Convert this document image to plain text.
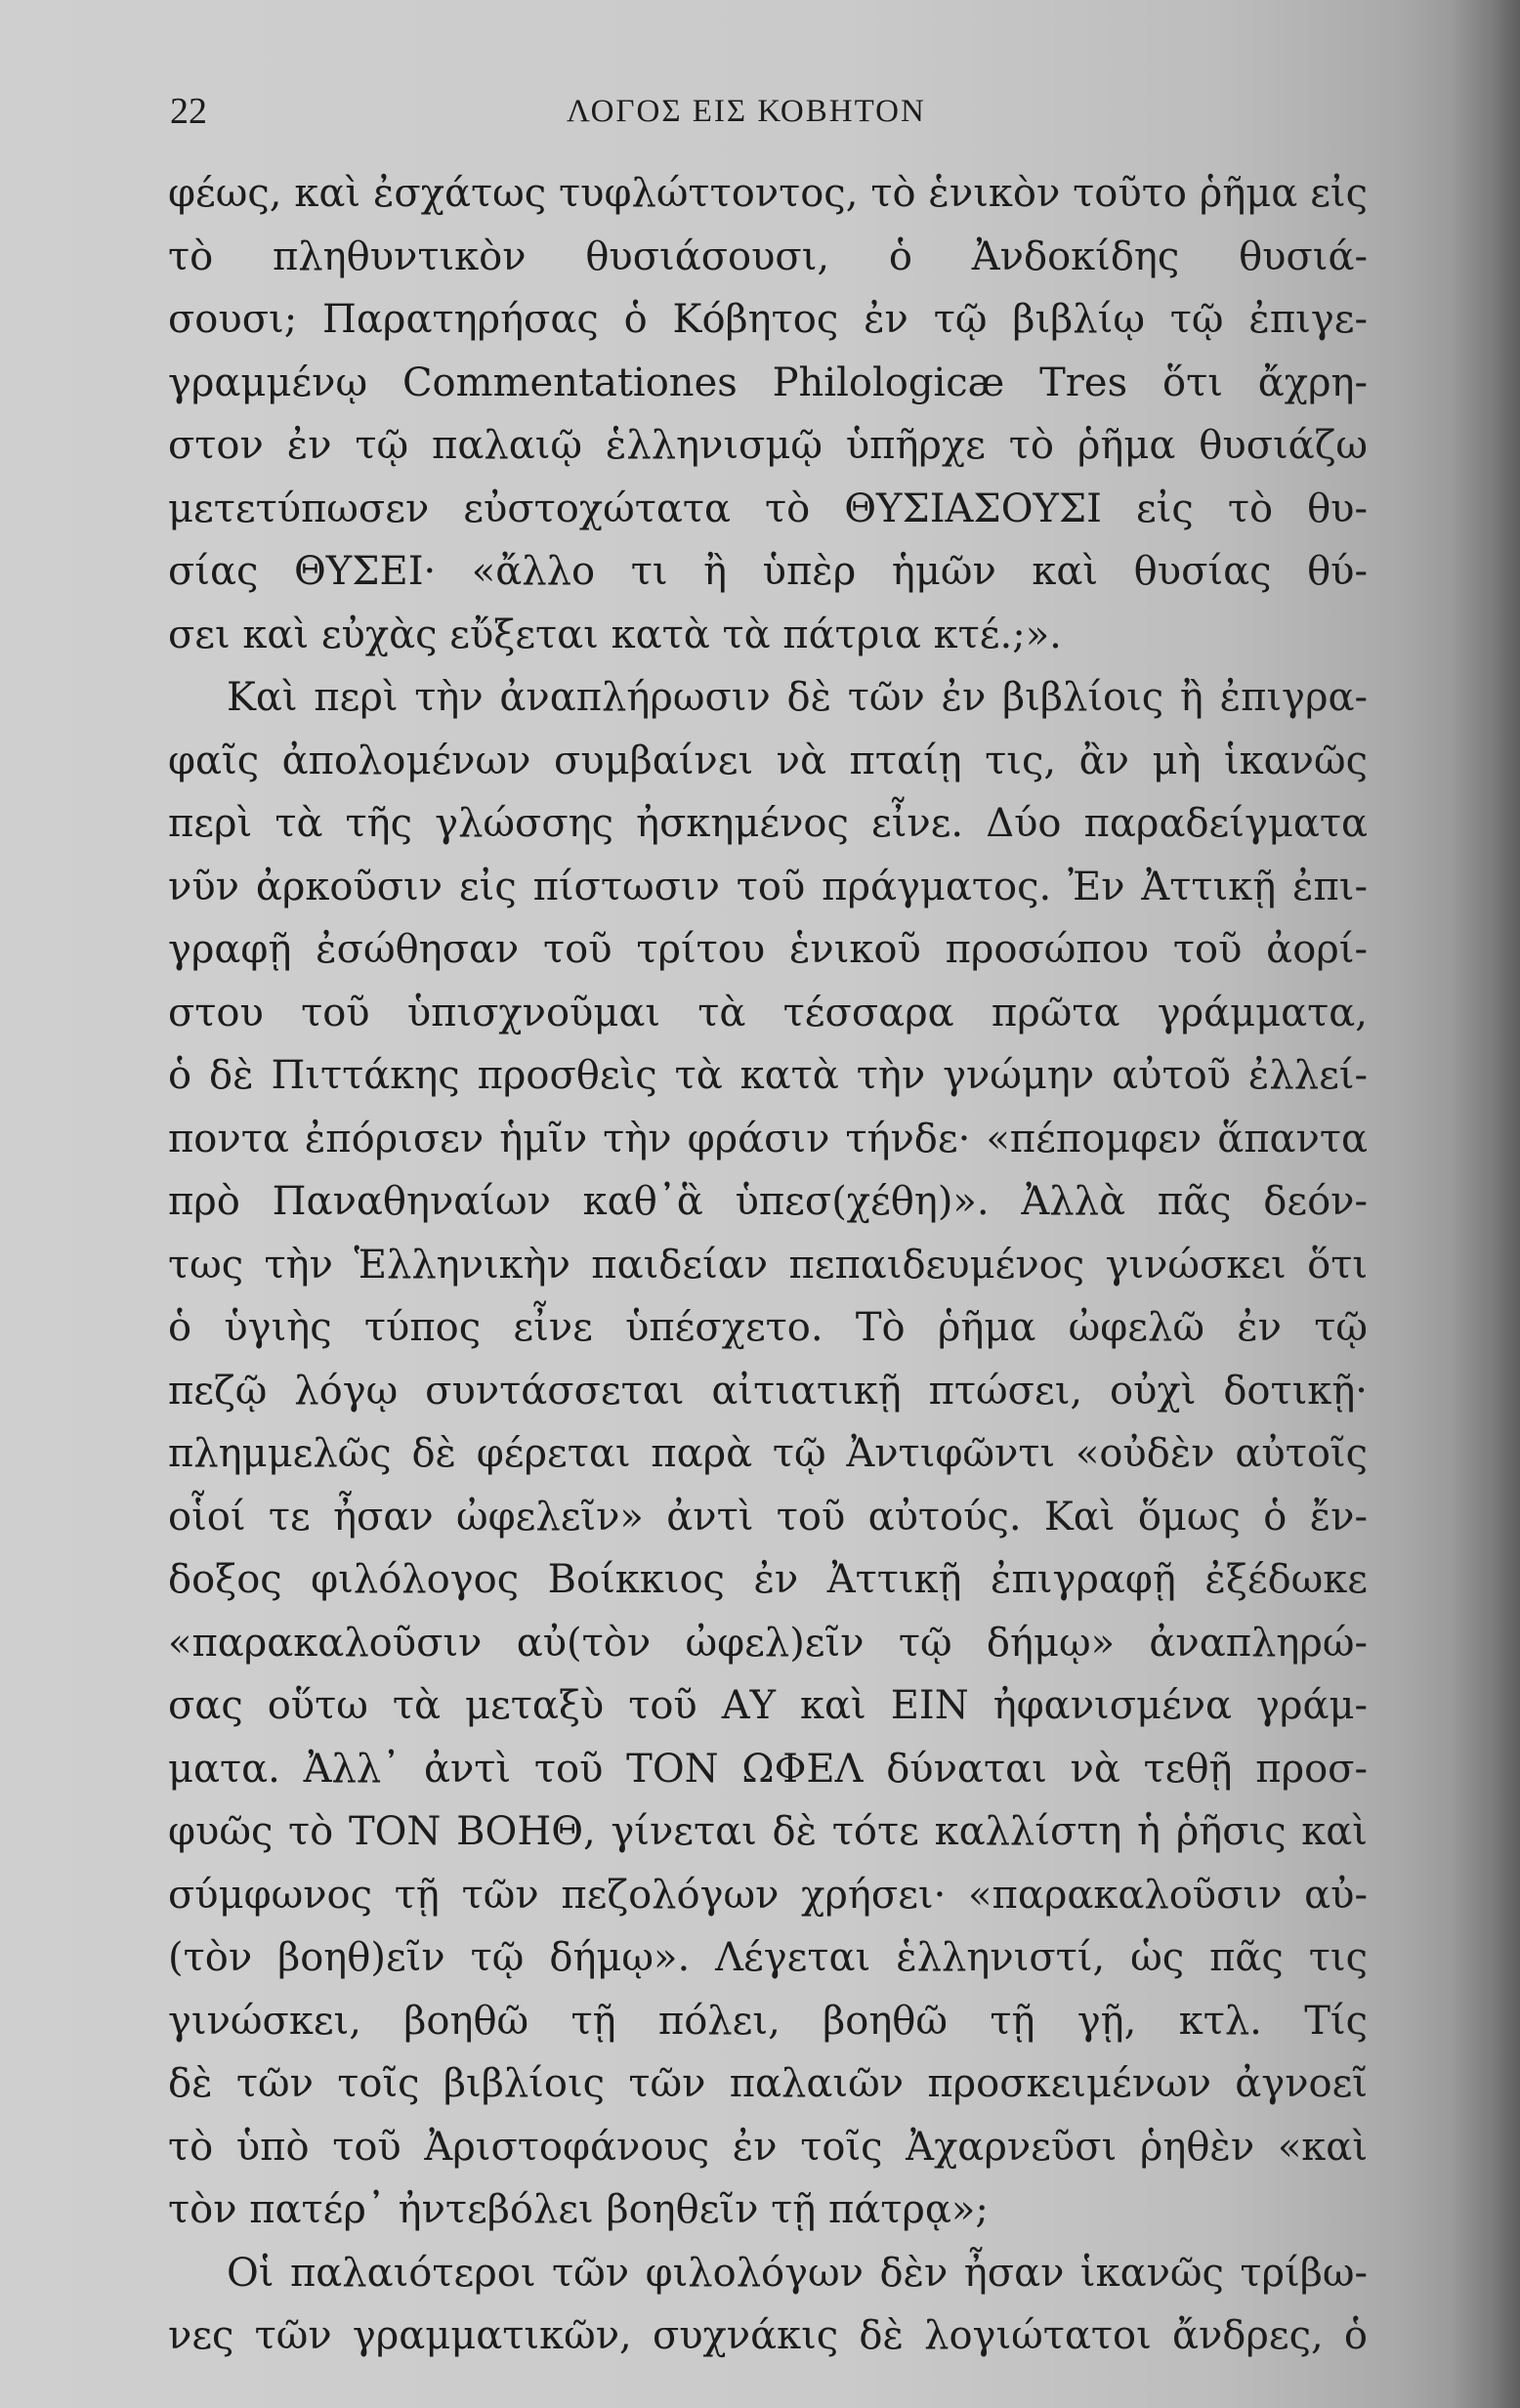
22	ΛΟΓΟΣ ΕΙΣ ΚΟΒΗΤΟΝ
φέως, καὶ ἐσχάτως τυφλώττοντος, τὸ ἑνικὸν τοῦτο ῥῆμα εἰς
τὸ πληθυντικὸν θυσιάσουσι, ὁ Ἀνδοκίδης θυσιά-
σουσι; Παρατηρήσας ὁ Κόβητος ἐν τῷ βιβλίῳ τῷ ἐπιγε-
γραμμένῳ Commentationes Philologicæ Tres ὅτι ἄχρη-
στον ἐν τῷ παλαιῷ ἑλληνισμῷ ὑπῆρχε τὸ ῥῆμα θυσιάζω
μετετύπωσεν εὐστοχώτατα τὸ ΘΥΣΙΑΣΟΥΣΙ εἰς τὸ θυ-
σίας ΘΥΣΕΙ· «ἄλλο τι ἢ ὑπὲρ ἡμῶν καὶ θυσίας θύ-
σει καὶ εὐχὰς εὔξεται κατὰ τὰ πάτρια κτέ.;».
Καὶ περὶ τὴν ἀναπλήρωσιν δὲ τῶν ἐν βιβλίοις ἢ ἐπιγρα-
φαῖς ἀπολομένων συμβαίνει νὰ πταίῃ τις, ἂν μὴ ἱκανῶς
περὶ τὰ τῆς γλώσσης ἠσκημένος εἶνε. Δύο παραδείγματα
νῦν ἀρκοῦσιν εἰς πίστωσιν τοῦ πράγματος. Ἐν Ἀττικῇ ἐπι-
γραφῇ ἐσώθησαν τοῦ τρίτου ἑνικοῦ προσώπου τοῦ ἀορί-
στου τοῦ ὑπισχνοῦμαι τὰ τέσσαρα πρῶτα γράμματα,
ὁ δὲ Πιττάκης προσθεὶς τὰ κατὰ τὴν γνώμην αὐτοῦ ἐλλεί-
ποντα ἐπόρισεν ἡμῖν τὴν φράσιν τήνδε· «πέπομφεν ἅπαντα
πρὸ Παναθηναίων καθ᾽ἃ ὑπεσ(χέθη)». Ἀλλὰ πᾶς δεόν-
τως τὴν Ἑλληνικὴν παιδείαν πεπαιδευμένος γινώσκει ὅτι
ὁ ὑγιὴς τύπος εἶνε ὑπέσχετο. Τὸ ῥῆμα ὠφελῶ ἐν τῷ
πεζῷ λόγῳ συντάσσεται αἰτιατικῇ πτώσει, οὐχὶ δοτικῇ·
πλημμελῶς δὲ φέρεται παρὰ τῷ Ἀντιφῶντι «οὐδὲν αὐτοῖς
οἷοί τε ἦσαν ὠφελεῖν» ἀντὶ τοῦ αὐτούς. Καὶ ὅμως ὁ ἔν-
δοξος φιλόλογος Βοίκκιος ἐν Ἀττικῇ ἐπιγραφῇ ἐξέδωκε
«παρακαλοῦσιν αὐ(τὸν ὠφελ)εῖν τῷ δήμῳ» ἀναπληρώ-
σας οὕτω τὰ μεταξὺ τοῦ ΑΥ καὶ ΕΙΝ ἠφανισμένα γράμ-
ματα. Ἀλλ᾽ ἀντὶ τοῦ ΤΟΝ ΩΦΕΛ δύναται νὰ τεθῇ προσ-
φυῶς τὸ ΤΟΝ ΒΟΗΘ, γίνεται δὲ τότε καλλίστη ἡ ῥῆσις καὶ
σύμφωνος τῇ τῶν πεζολόγων χρήσει· «παρακαλοῦσιν αὐ-
(τὸν βοηθ)εῖν τῷ δήμῳ». Λέγεται ἑλληνιστί, ὡς πᾶς τις
γινώσκει, βοηθῶ τῇ πόλει, βοηθῶ τῇ γῇ, κτλ. Τίς
δὲ τῶν τοῖς βιβλίοις τῶν παλαιῶν προσκειμένων ἀγνοεῖ
τὸ ὑπὸ τοῦ Ἀριστοφάνους ἐν τοῖς Ἀχαρνεῦσι ῥηθὲν «καὶ
τὸν πατέρ᾽ ἠντεβόλει βοηθεῖν τῇ πάτρᾳ»;
Οἱ παλαιότεροι τῶν φιλολόγων δὲν ἦσαν ἱκανῶς τρίβω-
νες τῶν γραμματικῶν, συχνάκις δὲ λογιώτατοι ἄνδρες, ὁ
